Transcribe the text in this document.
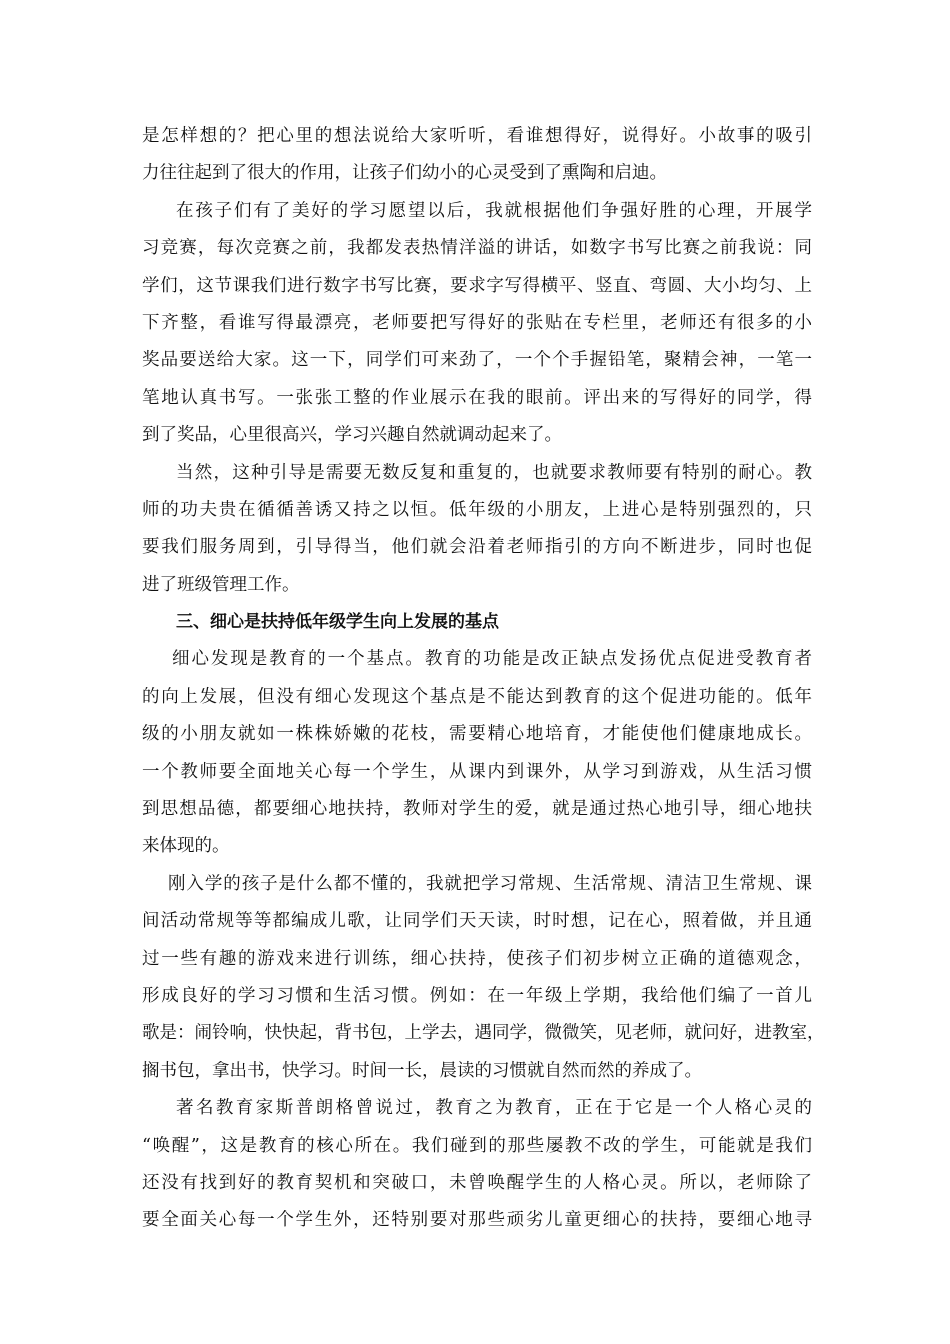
是怎样想的？把心里的想法说给大家听听，看谁想得好，说得好。小故事的吸引
力往往起到了很大的作用，让孩子们幼小的心灵受到了熏陶和启迪。
在孩子们有了美好的学习愿望以后，我就根据他们争强好胜的心理，开展学
习竞赛，每次竞赛之前，我都发表热情洋溢的讲话，如数字书写比赛之前我说：同
学们，这节课我们进行数字书写比赛，要求字写得横平、竖直、弯圆、大小均匀、上
下齐整，看谁写得最漂亮，老师要把写得好的张贴在专栏里，老师还有很多的小
奖品要送给大家。这一下，同学们可来劲了，一个个手握铅笔，聚精会神，一笔一
笔地认真书写。一张张工整的作业展示在我的眼前。评出来的写得好的同学，得
到了奖品，心里很高兴，学习兴趣自然就调动起来了。
当然，这种引导是需要无数反复和重复的，也就要求教师要有特别的耐心。教
师的功夫贵在循循善诱又持之以恒。低年级的小朋友，上进心是特别强烈的，只
要我们服务周到，引导得当，他们就会沿着老师指引的方向不断进步，同时也促
进了班级管理工作。
三、细心是扶持低年级学生向上发展的基点
细心发现是教育的一个基点。教育的功能是改正缺点发扬优点促进受教育者
的向上发展，但没有细心发现这个基点是不能达到教育的这个促进功能的。低年
级的小朋友就如一株株娇嫩的花枝，需要精心地培育，才能使他们健康地成长。
一个教师要全面地关心每一个学生，从课内到课外，从学习到游戏，从生活习惯
到思想品德，都要细心地扶持，教师对学生的爱，就是通过热心地引导，细心地扶
来体现的。
刚入学的孩子是什么都不懂的，我就把学习常规、生活常规、清洁卫生常规、课
间活动常规等等都编成儿歌，让同学们天天读，时时想，记在心，照着做，并且通
过一些有趣的游戏来进行训练，细心扶持，使孩子们初步树立正确的道德观念，
形成良好的学习习惯和生活习惯。例如：在一年级上学期，我给他们编了一首儿
歌是：闹铃响，快快起，背书包，上学去，遇同学，微微笑，见老师，就问好，进教室，
搁书包，拿出书，快学习。时间一长，晨读的习惯就自然而然的养成了。
著名教育家斯普朗格曾说过，教育之为教育，正在于它是一个人格心灵的
“唤醒”，这是教育的核心所在。我们碰到的那些屡教不改的学生，可能就是我们
还没有找到好的教育契机和突破口，未曾唤醒学生的人格心灵。所以，老师除了
要全面关心每一个学生外，还特别要对那些顽劣儿童更细心的扶持，要细心地寻
